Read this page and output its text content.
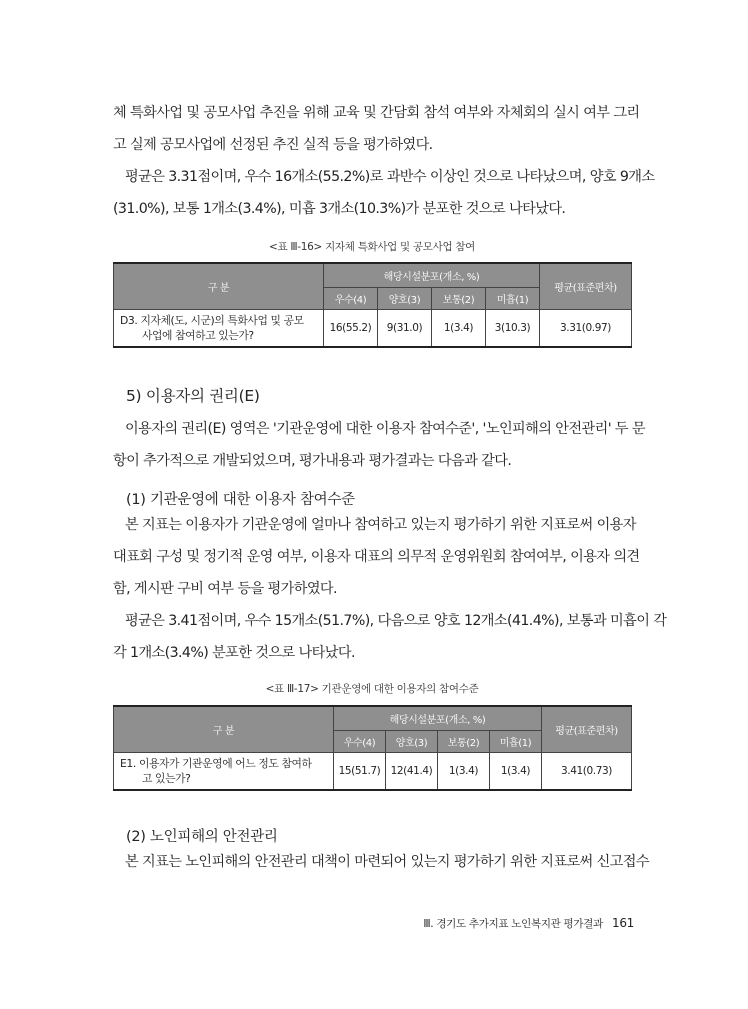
체 특화사업 및 공모사업 추진을 위해 교육 및 간담회 참석 여부와 자체회의 실시 여부 그리
고 실제 공모사업에 선정된 추진 실적 등을 평가하였다.
평균은 3.31점이며, 우수 16개소(55.2%)로 과반수 이상인 것으로 나타났으며, 양호 9개소
(31.0%), 보통 1개소(3.4%), 미흡 3개소(10.3%)가 분포한 것으로 나타났다.

<표 Ⅲ-16> 지자체 특화사업 및 공모사업 참여

구 분	해당시설분포(개소, %)				평균(표준편차)
	우수(4)	양호(3)	보통(2)	미흡(1)	
D3. 지자체(도, 시군)의 특화사업 및 공모
사업에 참여하고 있는가?	16(55.2)	9(31.0)	1(3.4)	3(10.3)	3.31(0.97)
5) 이용자의 권리(E)
이용자의 권리(E) 영역은 '기관운영에 대한 이용자 참여수준', '노인피해의 안전관리' 두 문
항이 추가적으로 개발되었으며, 평가내용과 평가결과는 다음과 같다.
(1) 기관운영에 대한 이용자 참여수준
본 지표는 이용자가 기관운영에 얼마나 참여하고 있는지 평가하기 위한 지표로써 이용자
대표회 구성 및 정기적 운영 여부, 이용자 대표의 의무적 운영위원회 참여여부, 이용자 의견
함, 게시판 구비 여부 등을 평가하였다.
평균은 3.41점이며, 우수 15개소(51.7%), 다음으로 양호 12개소(41.4%), 보통과 미흡이 각
각 1개소(3.4%) 분포한 것으로 나타났다.

<표 Ⅲ-17> 기관운영에 대한 이용자의 참여수준

구 분	해당시설분포(개소, %)				평균(표준편차)
	우수(4)	양호(3)	보통(2)	미흡(1)	
E1. 이용자가 기관운영에 어느 정도 참여하
고 있는가?	15(51.7)	12(41.4)	1(3.4)	1(3.4)	3.41(0.73)
(2) 노인피해의 안전관리
본 지표는 노인피해의 안전관리 대책이 마련되어 있는지 평가하기 위한 지표로써 신고접수
Ⅲ. 경기도 추가지표 노인복지관 평가결과 161
